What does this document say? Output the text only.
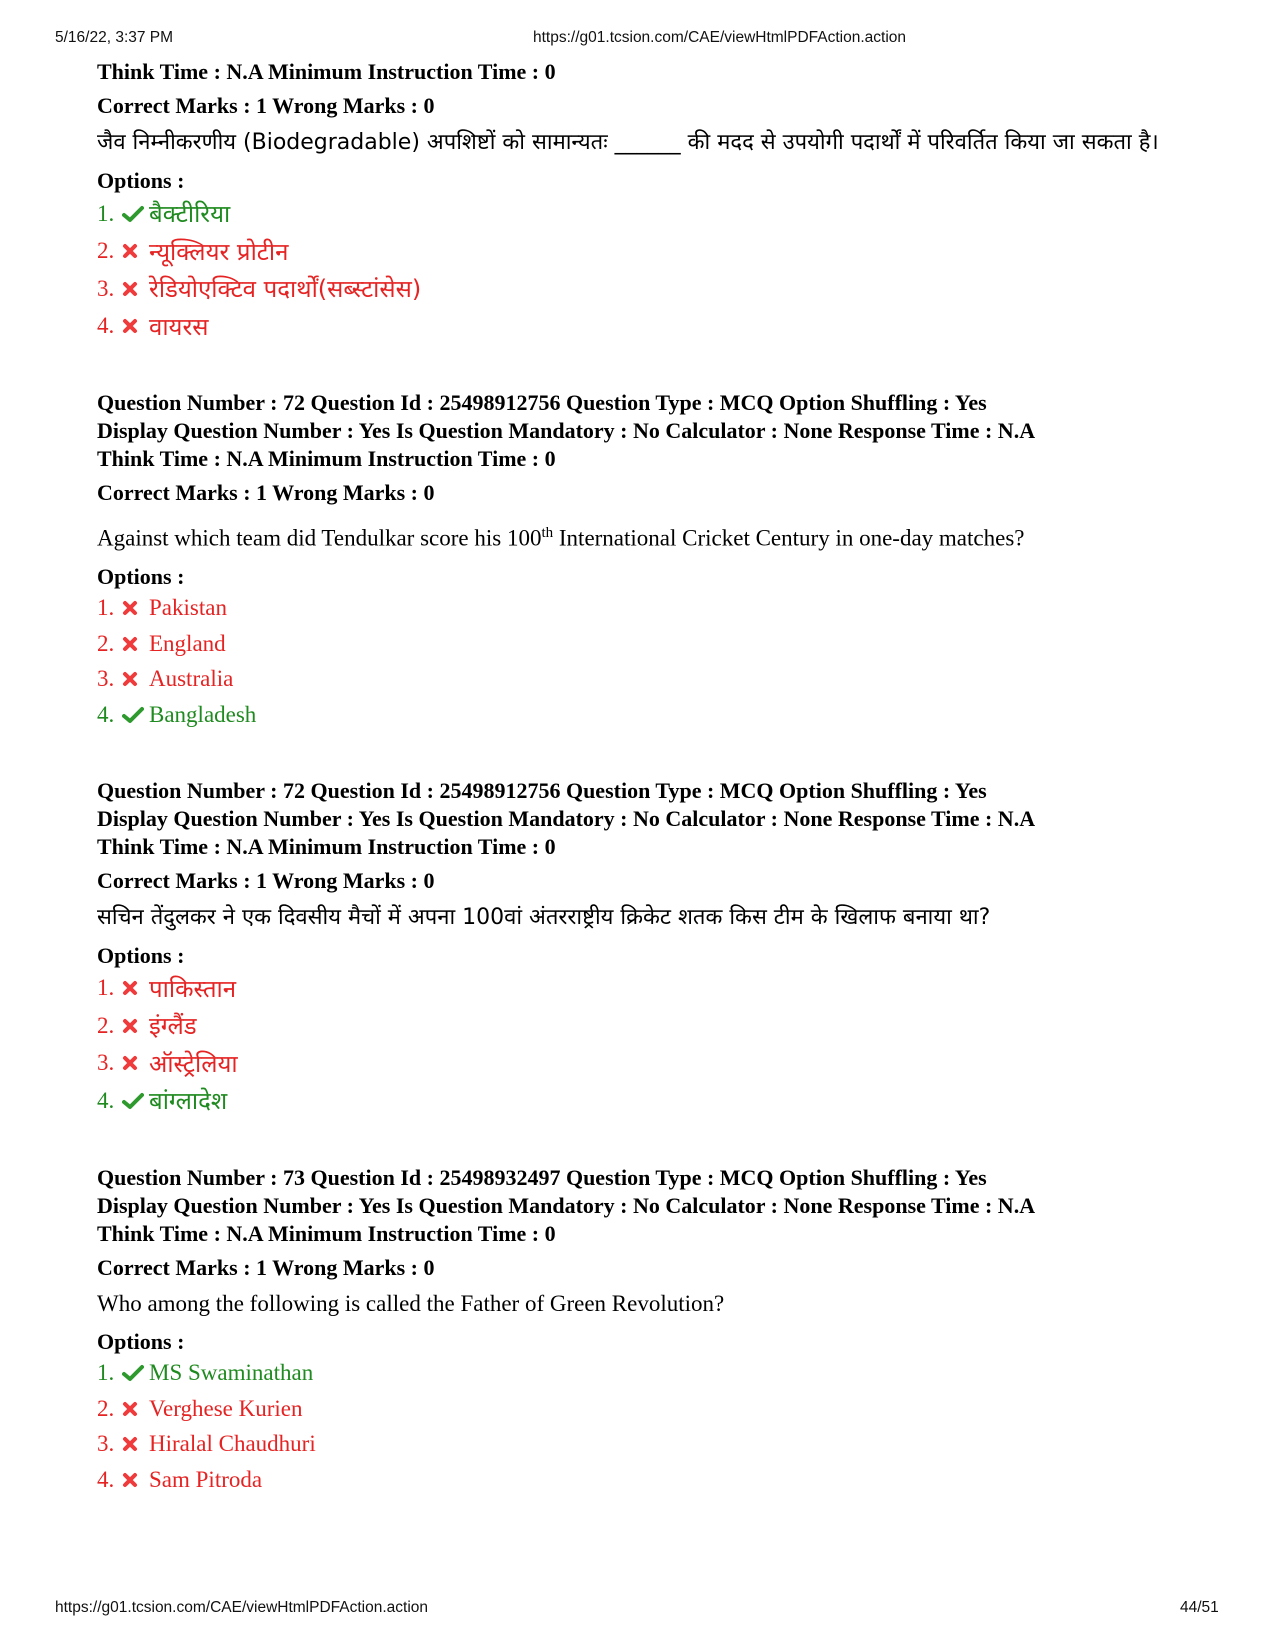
5/16/22, 3:37 PM	https://g01.tcsion.com/CAE/viewHtmlPDFAction.action
Think Time : N.A Minimum Instruction Time : 0
Correct Marks : 1 Wrong Marks : 0
जैव निम्नीकरणीय (Biodegradable) अपशिष्टों को सामान्यतः ______ की मदद से उपयोगी पदार्थों में परिवर्तित किया जा सकता है।
Options :
1.	बैक्टीरिया
2.	न्यूक्लियर प्रोटीन
3.	रेडियोएक्टिव पदार्थों(सब्स्टांसेस)
4.	वायरस
Question Number : 72 Question Id : 25498912756 Question Type : MCQ Option Shuffling : Yes
Display Question Number : Yes Is Question Mandatory : No Calculator : None Response Time : N.A
Think Time : N.A Minimum Instruction Time : 0
Correct Marks : 1 Wrong Marks : 0
Against which team did Tendulkar score his 100th International Cricket Century in one-day matches?
Options :
1.	Pakistan
2.	England
3.	Australia
4.	Bangladesh
Question Number : 72 Question Id : 25498912756 Question Type : MCQ Option Shuffling : Yes
Display Question Number : Yes Is Question Mandatory : No Calculator : None Response Time : N.A
Think Time : N.A Minimum Instruction Time : 0
Correct Marks : 1 Wrong Marks : 0
सचिन तेंदुलकर ने एक दिवसीय मैचों में अपना 100वां अंतरराष्ट्रीय क्रिकेट शतक किस टीम के खिलाफ बनाया था?
Options :
1.	पाकिस्तान
2.	इंग्लैंड
3.	ऑस्ट्रेलिया
4.	बांग्लादेश
Question Number : 73 Question Id : 25498932497 Question Type : MCQ Option Shuffling : Yes
Display Question Number : Yes Is Question Mandatory : No Calculator : None Response Time : N.A
Think Time : N.A Minimum Instruction Time : 0
Correct Marks : 1 Wrong Marks : 0
Who among the following is called the Father of Green Revolution?
Options :
1.	MS Swaminathan
2.	Verghese Kurien
3.	Hiralal Chaudhuri
4.	Sam Pitroda
https://g01.tcsion.com/CAE/viewHtmlPDFAction.action	44/51
